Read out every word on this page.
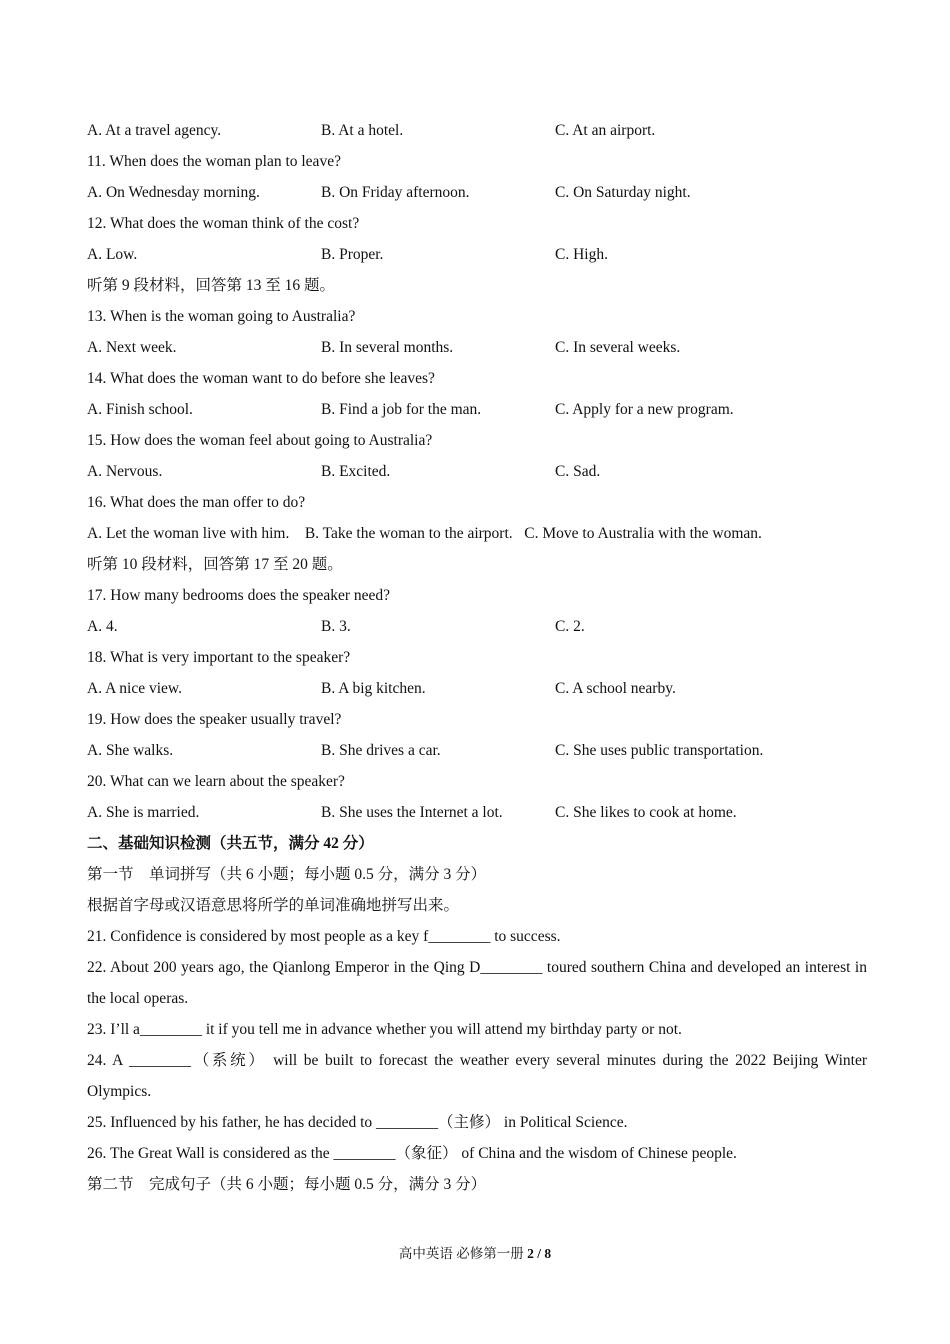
A. At a travel agency.	B. At a hotel.	C. At an airport.
11. When does the woman plan to leave?
A. On Wednesday morning.	B. On Friday afternoon.	C. On Saturday night.
12. What does the woman think of the cost?
A. Low.	B. Proper.	C. High.
听第 9 段材料，回答第 13 至 16 题。
13. When is the woman going to Australia?
A. Next week.	B. In several months.	C. In several weeks.
14. What does the woman want to do before she leaves?
A. Finish school.	B. Find a job for the man.	C. Apply for a new program.
15. How does the woman feel about going to Australia?
A. Nervous.	B. Excited.	C. Sad.
16. What does the man offer to do?
A. Let the woman live with him.    B. Take the woman to the airport.   C. Move to Australia with the woman.
听第 10 段材料，回答第 17 至 20 题。
17. How many bedrooms does the speaker need?
A. 4.	B. 3.	C. 2.
18. What is very important to the speaker?
A. A nice view.	B. A big kitchen.	C. A school nearby.
19. How does the speaker usually travel?
A. She walks.	B. She drives a car.	C. She uses public transportation.
20. What can we learn about the speaker?
A. She is married.	B. She uses the Internet a lot.	C. She likes to cook at home.
二、基础知识检测（共五节，满分 42 分）
第一节　单词拼写（共 6 小题；每小题 0.5 分，满分 3 分）
根据首字母或汉语意思将所学的单词准确地拼写出来。
21. Confidence is considered by most people as a key f________ to success.
22. About 200 years ago, the Qianlong Emperor in the Qing D________ toured southern China and developed an interest in the local operas.
23. I’ll a________ it if you tell me in advance whether you will attend my birthday party or not.
24. A ________（系统） will be built to forecast the weather every several minutes during the 2022 Beijing Winter Olympics.
25. Influenced by his father, he has decided to ________（主修） in Political Science.
26. The Great Wall is considered as the ________（象征） of China and the wisdom of Chinese people.
第二节　完成句子（共 6 小题；每小题 0.5 分，满分 3 分）
高中英语 必修第一册 2 / 8
